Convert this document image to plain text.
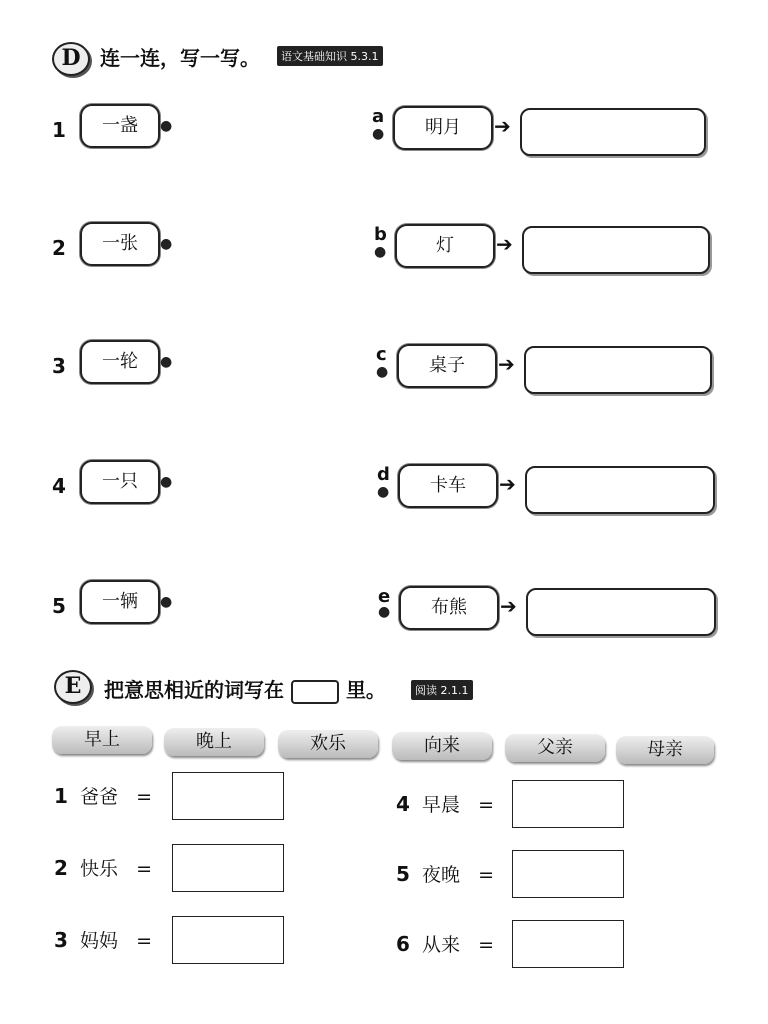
D 连一连，写一写。	语文基础知识 5.3.1
1	一盏	●
2	一张	●
3	一轮	●
4	一只	●
5	一辆	●
a
●	明月	➔
b
●	灯	➔
c
●	桌子	➔
d
●	卡车	➔
e
●	布熊	➔
E	把意思相近的词写在	里。	阅读 2.1.1
早上	晚上	欢乐	向来	父亲	母亲
1 爸爸 =
2 快乐 =
3 妈妈 =
4 早晨 =
5 夜晚 =
6 从来 =
